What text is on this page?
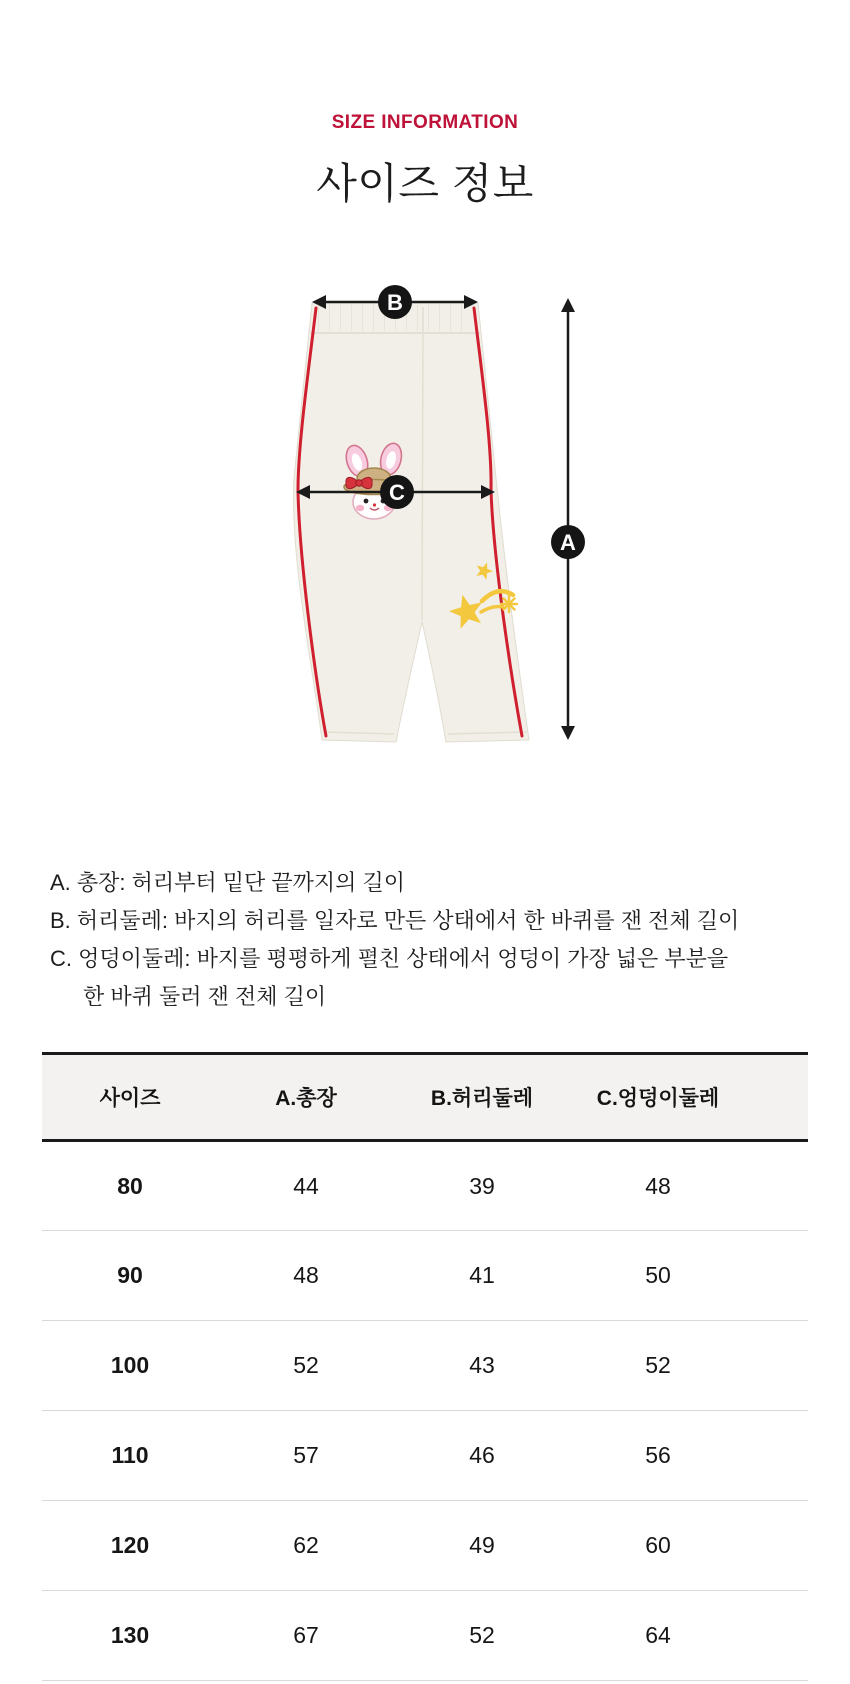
SIZE INFORMATION
사이즈 정보
B
C
A
A. 총장: 허리부터 밑단 끝까지의 길이
B. 허리둘레: 바지의 허리를 일자로 만든 상태에서 한 바퀴를 잰 전체 길이
C. 엉덩이둘레: 바지를 평평하게 펼친 상태에서 엉덩이 가장 넓은 부분을
한 바퀴 둘러 잰 전체 길이
사이즈	A.총장	B.허리둘레	C.엉덩이둘레	
80	44	39	48	
90	48	41	50	
100	52	43	52	
110	57	46	56	
120	62	49	60	
130	67	52	64	
